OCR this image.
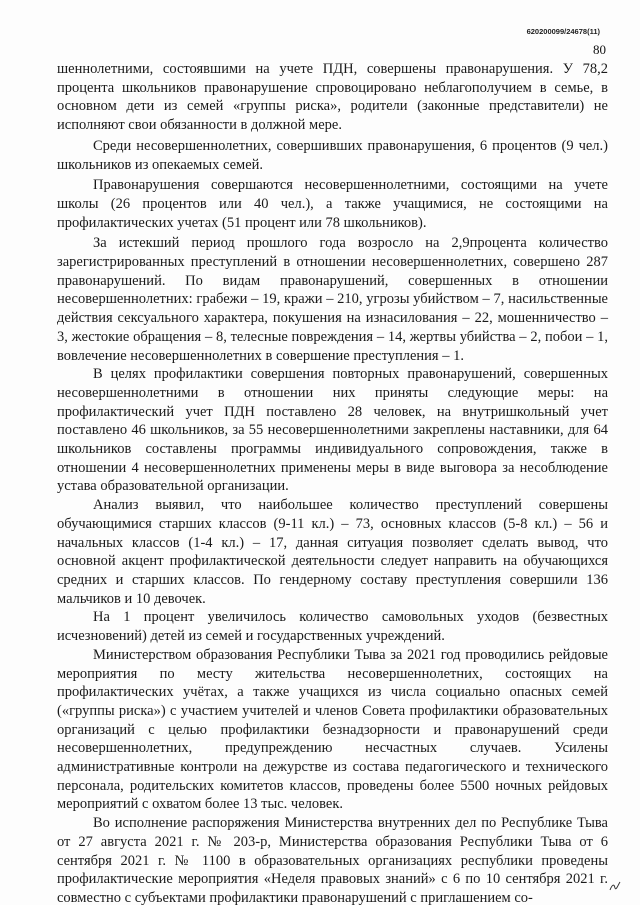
620200099/24678(11)
80

шеннолетними, состоявшими на учете ПДН, совершены правонарушения. У 78,2 процента школьников правонарушение спровоцировано неблагополучием в семье, в основном дети из семей «группы риска», родители (законные представители) не исполняют свои обязанности в должной мере.

Среди несовершеннолетних, совершивших правонарушения, 6 процентов (9 чел.) школьников из опекаемых семей.

Правонарушения совершаются несовершеннолетними, состоящими на учете школы (26 процентов или 40 чел.), а также учащимися, не состоящими на профилактических учетах (51 процент или 78 школьников).

За истекший период прошлого года возросло на 2,9процента количество зарегистрированных преступлений в отношении несовершеннолетних, совершено 287 правонарушений. По видам правонарушений, совершенных в отношении несовершеннолетних: грабежи – 19, кражи – 210, угрозы убийством – 7, насильственные действия сексуального характера, покушения на изнасилования – 22, мошенничество – 3, жестокие обращения – 8, телесные повреждения – 14, жертвы убийства – 2, побои – 1, вовлечение несовершеннолетних в совершение преступления – 1.

В целях профилактики совершения повторных правонарушений, совершенных несовершеннолетними в отношении них приняты следующие меры: на профилактический учет ПДН поставлено 28 человек, на внутришкольный учет поставлено 46 школьников, за 55 несовершеннолетними закреплены наставники, для 64 школьников составлены программы индивидуального сопровождения, также в отношении 4 несовершеннолетних применены меры в виде выговора за несоблюдение устава образовательной организации.

Анализ выявил, что наибольшее количество преступлений совершены обучающимися старших классов (9-11 кл.) – 73, основных классов (5-8 кл.) – 56 и начальных классов (1-4 кл.) – 17, данная ситуация позволяет сделать вывод, что основной акцент профилактической деятельности следует направить на обучающихся средних и старших классов. По гендерному составу преступления совершили 136 мальчиков и 10 девочек.

На 1 процент увеличилось количество самовольных уходов (безвестных исчезновений) детей из семей и государственных учреждений.

Министерством образования Республики Тыва за 2021 год проводились рейдовые мероприятия по месту жительства несовершеннолетних, состоящих на профилактических учётах, а также учащихся из числа социально опасных семей («группы риска») с участием учителей и членов Совета профилактики образовательных организаций с целью профилактики безнадзорности и правонарушений среди несовершеннолетних, предупреждению несчастных случаев. Усилены административные контроли на дежурстве из состава педагогического и технического персонала, родительских комитетов классов, проведены более 5500 ночных рейдовых мероприятий с охватом более 13 тыс. человек.

Во исполнение распоряжения Министерства внутренних дел по Республике Тыва от 27 августа 2021 г. № 203-р, Министерства образования Республики Тыва от 6 сентября 2021 г. № 1100 в образовательных организациях республики проведены профилактические мероприятия «Неделя правовых знаний» с 6 по 10 сентября 2021 г. совместно с субъектами профилактики правонарушений с приглашением со-
